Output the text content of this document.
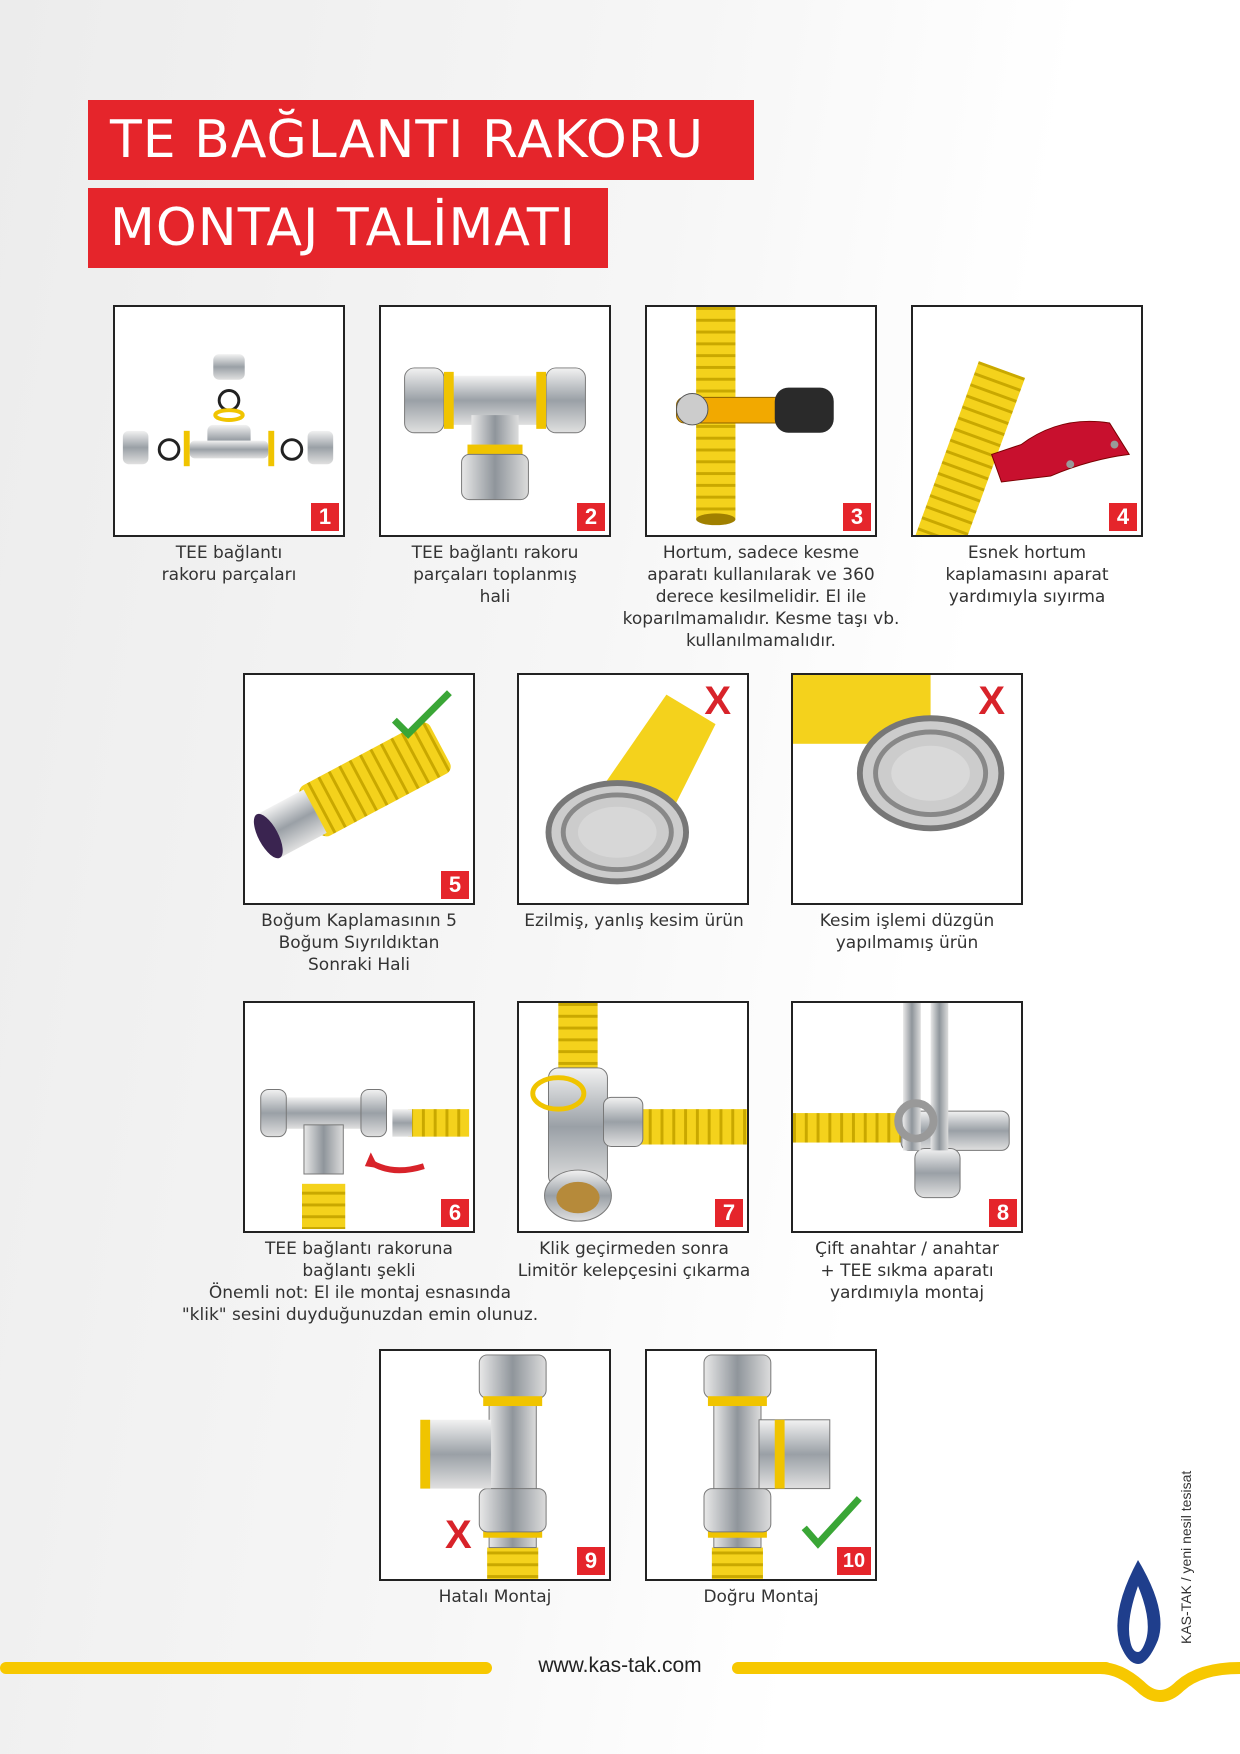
TE BAĞLANTI RAKORU
MONTAJ TALİMATI
1
TEE bağlantı
rakoru parçaları
2
TEE bağlantı rakoru
parçaları toplanmış
hali
3
Hortum, sadece kesme
aparatı kullanılarak ve 360
derece kesilmelidir. El ile
koparılmamalıdır. Kesme taşı vb.
kullanılmamalıdır.
4
Esnek hortum
kaplamasını aparat
yardımıyla sıyırma
5
Boğum Kaplamasının 5
Boğum Sıyrıldıktan
Sonraki Hali
X
Ezilmiş, yanlış kesim ürün
X
Kesim işlemi düzgün
yapılmamış ürün
6
TEE bağlantı rakoruna
bağlantı şekli
Önemli not: El ile montaj esnasında
"klik" sesini duyduğunuzdan emin olunuz.
7
Klik geçirmeden sonra
Limitör kelepçesini çıkarma
8
Çift anahtar / anahtar
+ TEE sıkma aparatı
yardımıyla montaj
X
9
Hatalı Montaj
10
Doğru Montaj
www.kas-tak.com
KAS-TAK / yeni nesil tesisat
